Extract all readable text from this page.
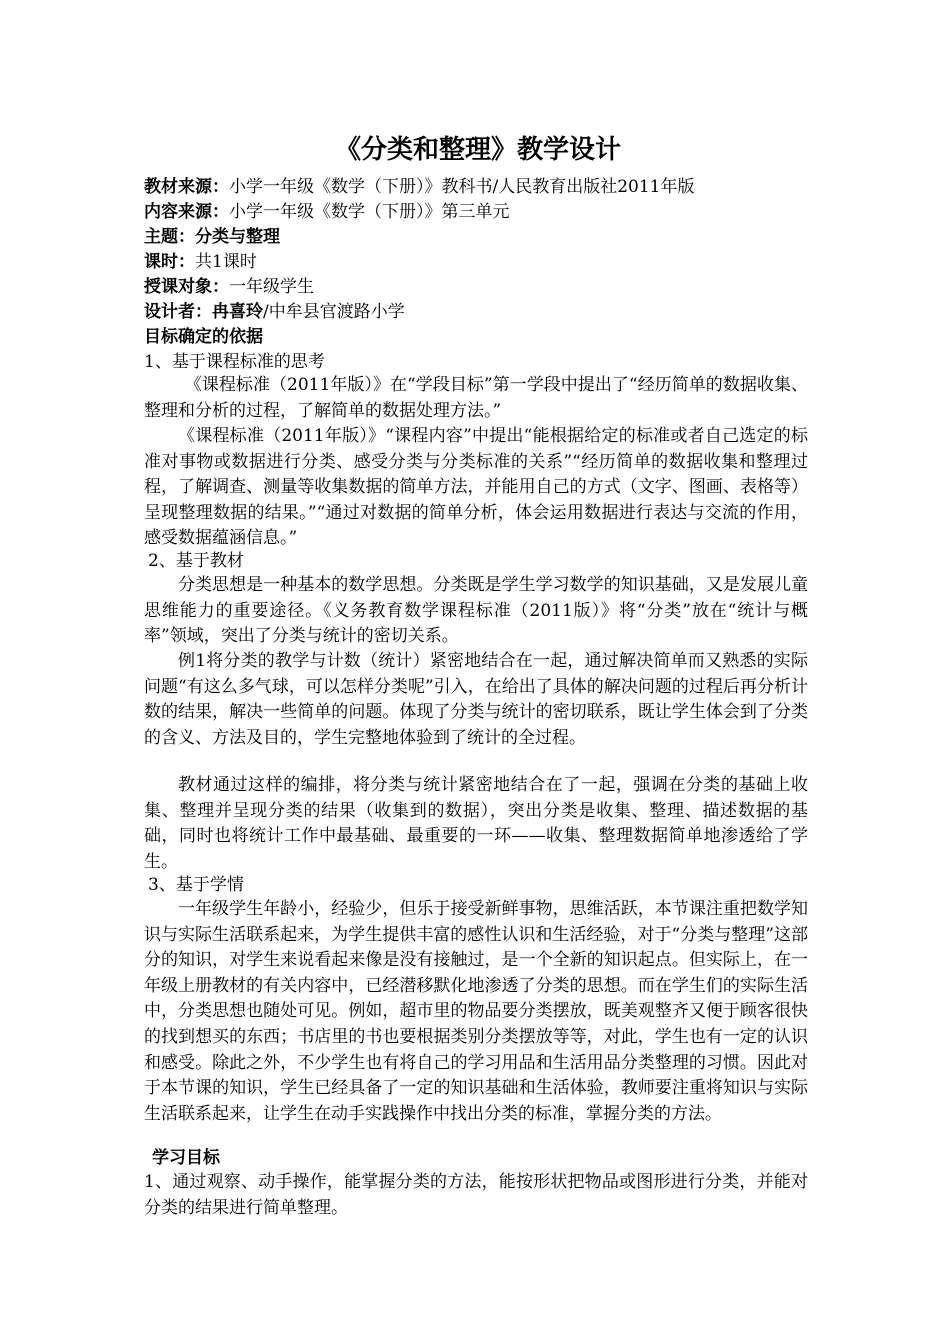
《分类和整理》教学设计
教材来源：小学一年级《数学（下册）》教科书/人民教育出版社2011年版
内容来源：小学一年级《数学（下册）》第三单元
主题：分类与整理
课时：共1课时
授课对象：一年级学生
设计者：冉喜玲/中牟县官渡路小学
目标确定的依据
1、基于课程标准的思考

《课程标准（2011年版）》在“学段目标”第一学段中提出了“经历简单的数据收集、整理和分析的过程，了解简单的数据处理方法。”

《课程标准（2011年版）》“课程内容”中提出“能根据给定的标准或者自己选定的标准对事物或数据进行分类、感受分类与分类标准的关系”“经历简单的数据收集和整理过程，了解调查、测量等收集数据的简单方法，并能用自己的方式（文字、图画、表格等）呈现整理数据的结果。”“通过对数据的简单分析，体会运用数据进行表达与交流的作用，感受数据蕴涵信息。”

2、基于教材

分类思想是一种基本的数学思想。分类既是学生学习数学的知识基础，又是发展儿童思维能力的重要途径。《义务教育数学课程标准（2011版）》将“分类”放在“统计与概率”领域，突出了分类与统计的密切关系。

例1将分类的教学与计数（统计）紧密地结合在一起，通过解决简单而又熟悉的实际问题“有这么多气球，可以怎样分类呢”引入，在给出了具体的解决问题的过程后再分析计数的结果，解决一些简单的问题。体现了分类与统计的密切联系，既让学生体会到了分类的含义、方法及目的，学生完整地体验到了统计的全过程。

教材通过这样的编排，将分类与统计紧密地结合在了一起，强调在分类的基础上收集、整理并呈现分类的结果（收集到的数据），突出分类是收集、整理、描述数据的基础，同时也将统计工作中最基础、最重要的一环——收集、整理数据简单地渗透给了学生。

3、基于学情

一年级学生年龄小，经验少，但乐于接受新鲜事物，思维活跃，本节课注重把数学知识与实际生活联系起来，为学生提供丰富的感性认识和生活经验，对于“分类与整理”这部分的知识，对学生来说看起来像是没有接触过，是一个全新的知识起点。但实际上，在一年级上册教材的有关内容中，已经潜移默化地渗透了分类的思想。而在学生们的实际生活中，分类思想也随处可见。例如，超市里的物品要分类摆放，既美观整齐又便于顾客很快的找到想买的东西；书店里的书也要根据类别分类摆放等等，对此，学生也有一定的认识和感受。除此之外，不少学生也有将自己的学习用品和生活用品分类整理的习惯。因此对于本节课的知识，学生已经具备了一定的知识基础和生活体验，教师要注重将知识与实际生活联系起来，让学生在动手实践操作中找出分类的标准，掌握分类的方法。

学习目标

1、通过观察、动手操作，能掌握分类的方法，能按形状把物品或图形进行分类，并能对分类的结果进行简单整理。
